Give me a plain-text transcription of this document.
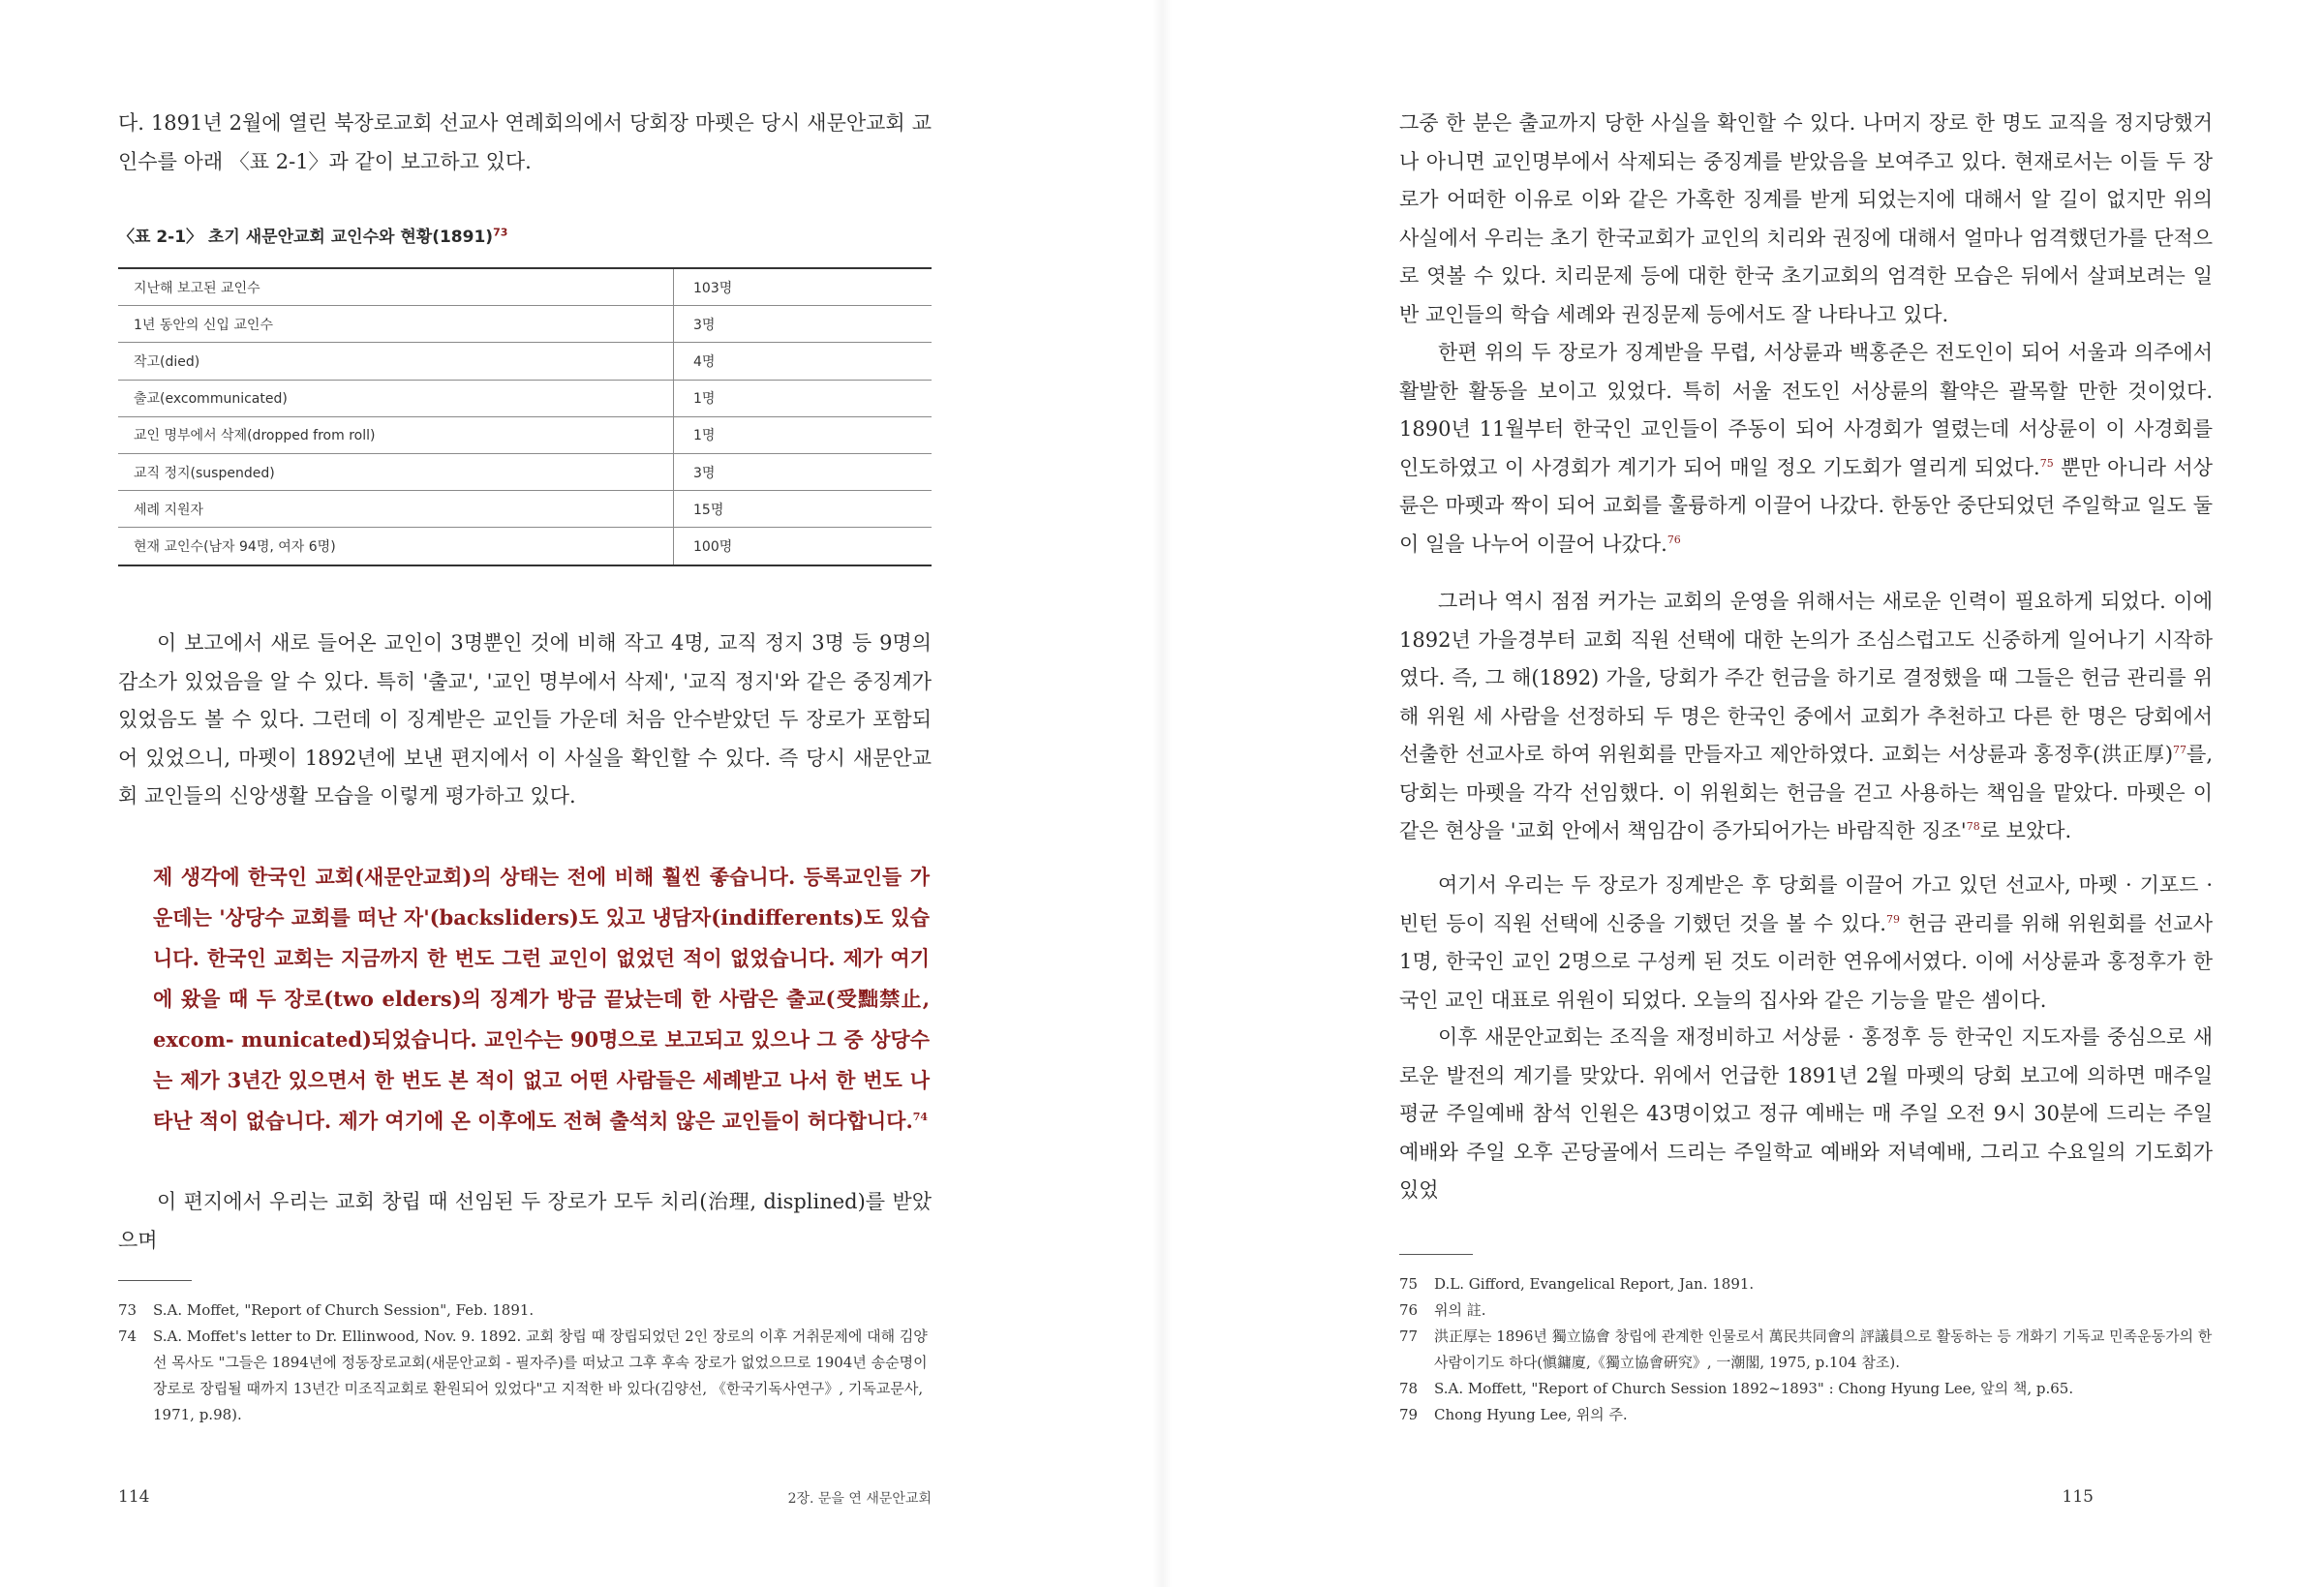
다. 1891년 2월에 열린 북장로교회 선교사 연례회의에서 당회장 마펫은 당시 새문안교회 교인수를 아래 〈표 2-1〉과 같이 보고하고 있다.

〈표 2-1〉 초기 새문안교회 교인수와 현황$(1891)^{73}$

지난해 보고된 교인수	103명
1년 동안의 신입 교인수	3명
작고(died)	4명
출교(excommunicated)	1명
교인 명부에서 삭제(dropped from roll)	1명
교직 정지(suspended)	3명
세례 지원자	15명
현재 교인수(남자 94명, 여자 6명)	100명

이 보고에서 새로 들어온 교인이 3명뿐인 것에 비해 작고 4명, 교직 정지 3명 등 9명의 감소가 있었음을 알 수 있다. 특히 '출교', '교인 명부에서 삭제', '교직 정지'와 같은 중징계가 있었음도 볼 수 있다. 그런데 이 징계받은 교인들 가운데 처음 안수받았던 두 장로가 포함되어 있었으니, 마펫이 1892년에 보낸 편지에서 이 사실을 확인할 수 있다. 즉 당시 새문안교회 교인들의 신앙생활 모습을 이렇게 평가하고 있다.

제 생각에 한국인 교회(새문안교회)의 상태는 전에 비해 훨씬 좋습니다. 등록교인들 가운데는 '상당수 교회를 떠난 자'(backsliders)도 있고 냉담자(indifferents)도 있습니다. 한국인 교회는 지금까지 한 번도 그런 교인이 없었던 적이 없었습니다. 제가 여기에 왔을 때 두 장로(two elders)의 징계가 방금 끝났는데 한 사람은 출교(受黜禁止, excom- municated)되었습니다. 교인수는 90명으로 보고되고 있으나 그 중 상당수는 제가 3년간 있으면서 한 번도 본 적이 없고 어떤 사람들은 세례받고 나서 한 번도 나타난 적이 없습니다. 제가 여기에 온 이후에도 전혀 출석치 않은 교인들이 허다합니다.$^{74}$

이 편지에서 우리는 교회 창립 때 선임된 두 장로가 모두 치리(治理, displined)를 받았으며

73	S.A. Moffet, "Report of Church Session", Feb. 1891.
74	S.A. Moffet's letter to Dr. Ellinwood, Nov. 9. 1892. 교회 창립 때 장립되었던 2인 장로의 이후 거취문제에 대해 김양선 목사도 "그들은 1894년에 정동장로교회(새문안교회 - 필자주)를 떠났고 그후 후속 장로가 없었으므로 1904년 송순명이 장로로 장립될 때까지 13년간 미조직교회로 환원되어 있었다"고 지적한 바 있다(김양선, 《한국기독사연구》, 기독교문사, 1971, p.98).
114	2장. 문을 연 새문안교회

그중 한 분은 출교까지 당한 사실을 확인할 수 있다. 나머지 장로 한 명도 교직을 정지당했거나 아니면 교인명부에서 삭제되는 중징계를 받았음을 보여주고 있다. 현재로서는 이들 두 장로가 어떠한 이유로 이와 같은 가혹한 징계를 받게 되었는지에 대해서 알 길이 없지만 위의 사실에서 우리는 초기 한국교회가 교인의 치리와 권징에 대해서 얼마나 엄격했던가를 단적으로 엿볼 수 있다. 치리문제 등에 대한 한국 초기교회의 엄격한 모습은 뒤에서 살펴보려는 일반 교인들의 학습 세례와 권징문제 등에서도 잘 나타나고 있다.

한편 위의 두 장로가 징계받을 무렵, 서상륜과 백홍준은 전도인이 되어 서울과 의주에서 활발한 활동을 보이고 있었다. 특히 서울 전도인 서상륜의 활약은 괄목할 만한 것이었다. 1890년 11월부터 한국인 교인들이 주동이 되어 사경회가 열렸는데 서상륜이 이 사경회를 인도하였고 이 사경회가 계기가 되어 매일 정오 기도회가 열리게 되었다.$^{75}$ 뿐만 아니라 서상륜은 마펫과 짝이 되어 교회를 훌륭하게 이끌어 나갔다. 한동안 중단되었던 주일학교 일도 둘이 일을 나누어 이끌어 나갔다.$^{76}$

그러나 역시 점점 커가는 교회의 운영을 위해서는 새로운 인력이 필요하게 되었다. 이에 1892년 가을경부터 교회 직원 선택에 대한 논의가 조심스럽고도 신중하게 일어나기 시작하였다. 즉, 그 해(1892) 가을, 당회가 주간 헌금을 하기로 결정했을 때 그들은 헌금 관리를 위해 위원 세 사람을 선정하되 두 명은 한국인 중에서 교회가 추천하고 다른 한 명은 당회에서 선출한 선교사로 하여 위원회를 만들자고 제안하였다. 교회는 서상륜과 홍정후(洪正厚)$^{77}$를, 당회는 마펫을 각각 선임했다. 이 위원회는 헌금을 걷고 사용하는 책임을 맡았다. 마펫은 이같은 현상을 '교회 안에서 책임감이 증가되어가는 바람직한 징조'$^{78}$로 보았다.

여기서 우리는 두 장로가 징계받은 후 당회를 이끌어 가고 있던 선교사, 마펫 · 기포드 · 빈턴 등이 직원 선택에 신중을 기했던 것을 볼 수 있다.$^{79}$ 헌금 관리를 위해 위원회를 선교사 1명, 한국인 교인 2명으로 구성케 된 것도 이러한 연유에서였다. 이에 서상륜과 홍정후가 한국인 교인 대표로 위원이 되었다. 오늘의 집사와 같은 기능을 맡은 셈이다.

이후 새문안교회는 조직을 재정비하고 서상륜 · 홍정후 등 한국인 지도자를 중심으로 새로운 발전의 계기를 맞았다. 위에서 언급한 1891년 2월 마펫의 당회 보고에 의하면 매주일 평균 주일예배 참석 인원은 43명이었고 정규 예배는 매 주일 오전 9시 30분에 드리는 주일예배와 주일 오후 곤당골에서 드리는 주일학교 예배와 저녁예배, 그리고 수요일의 기도회가 있었

75	D.L. Gifford, Evangelical Report, Jan. 1891.
76	위의 註.
77	洪正厚는 1896년 獨立協會 창립에 관계한 인물로서 萬民共同會의 評議員으로 활동하는 등 개화기 기독교 민족운동가의 한 사람이기도 하다(愼鏞廈,《獨立協會硏究》, 一潮閣, 1975, p.104 참조).
78	S.A. Moffett, "Report of Church Session 1892~1893" : Chong Hyung Lee, 앞의 책, p.65.
79	Chong Hyung Lee, 위의 주.
115
